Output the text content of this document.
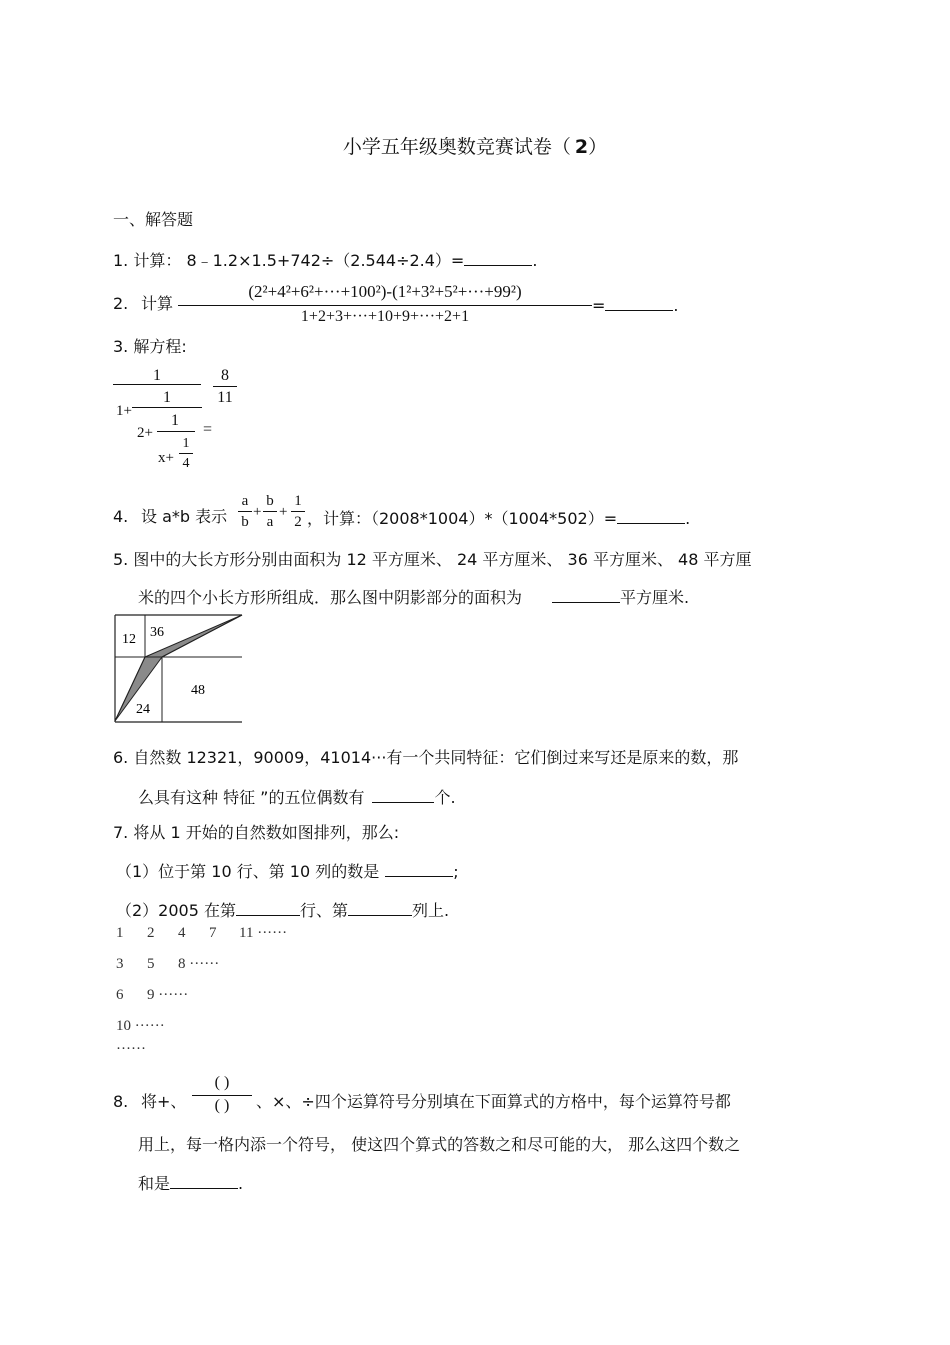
小学五年级奥数竞赛试卷（ 2）
一、解答题
1. 计算： 8﹣1.2×1.5+742÷（2.544÷2.4）=	.
2. 计算
(2²+4²+6²+···+100²)-(1²+3²+5²+···+99²)
1+2+3+···+10+9+···+2+1
=	.
3. 解方程:
1
1+
1
2+
1
x+
1
4
8
11
=
4. 设 a*b 表示
a
b
+
b
a
+
1
2 ，计算：（2008*1004）*（1004*502）=	.
5. 图中的大长方形分别由面积为 12 平方厘米、 24 平方厘米、 36 平方厘米、 48 平方厘
米的四个小长方形所组成．那么图中阴影部分的面积为	平方厘米.
12 36
48
24
6. 自然数 12321，90009，41014···有一个共同特征：它们倒过来写还是原来的数，那
么具有这种 特征 ”的五位偶数有	个.
7. 将从 1 开始的自然数如图排列，那么:
（1）位于第 10 行、第 10 列的数是	;
（2）2005 在第	行、第	列上.
1 2 4 7 11 ······
3 5 8 ······
6 9 ······
10 ······
······
8. 将+、
( )
( )	、×、÷四个运算符号分别填在下面算式的方格中，每个运算符号都
用上，每一格内添一个符号， 使这四个算式的答数之和尽可能的大， 那么这四个数之
和是	.
